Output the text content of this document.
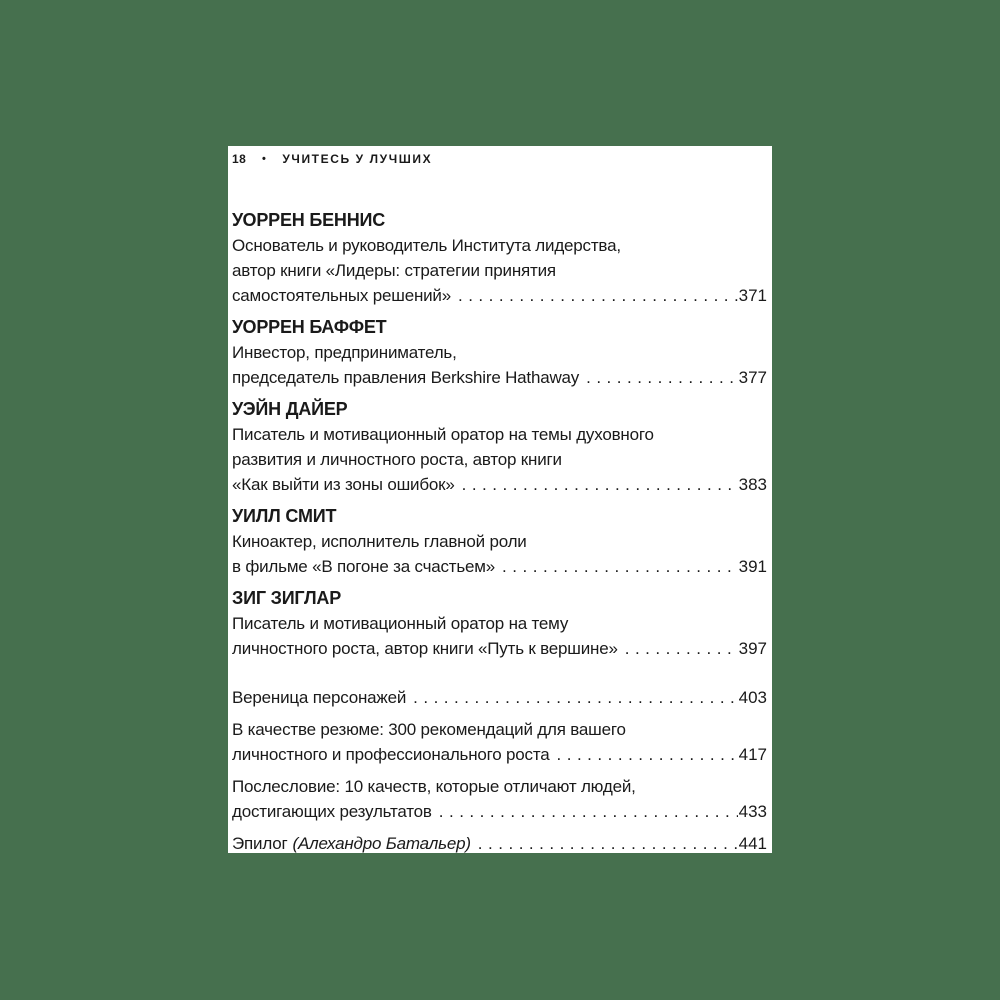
18	• УЧИТЕСЬ У ЛУЧШИХ
УОРРЕН БЕННИС

Основатель и руководитель Института лидерства,

автор книги «Лидеры: стратегии принятия

самостоятельных решений» .....	371

УОРРЕН БАФФЕТ

Инвестор, предприниматель,

председатель правления Berkshire Hathaway .....	377

УЭЙН ДАЙЕР

Писатель и мотивационный оратор на темы духовного

развития и личностного роста, автор книги

«Как выйти из зоны ошибок» .....	383

УИЛЛ СМИТ

Киноактер, исполнитель главной роли

в фильме «В погоне за счастьем» .....	391

ЗИГ ЗИГЛАР

Писатель и мотивационный оратор на тему

личностного роста, автор книги «Путь к вершине» .....	397

Вереница персонажей .....	403

В качестве резюме: 300 рекомендаций для вашего

личностного и профессионального роста .....	417

Послесловие: 10 качеств, которые отличают людей,

достигающих результатов .....	433

Эпилог (Алехандро Батальер) .....	441
